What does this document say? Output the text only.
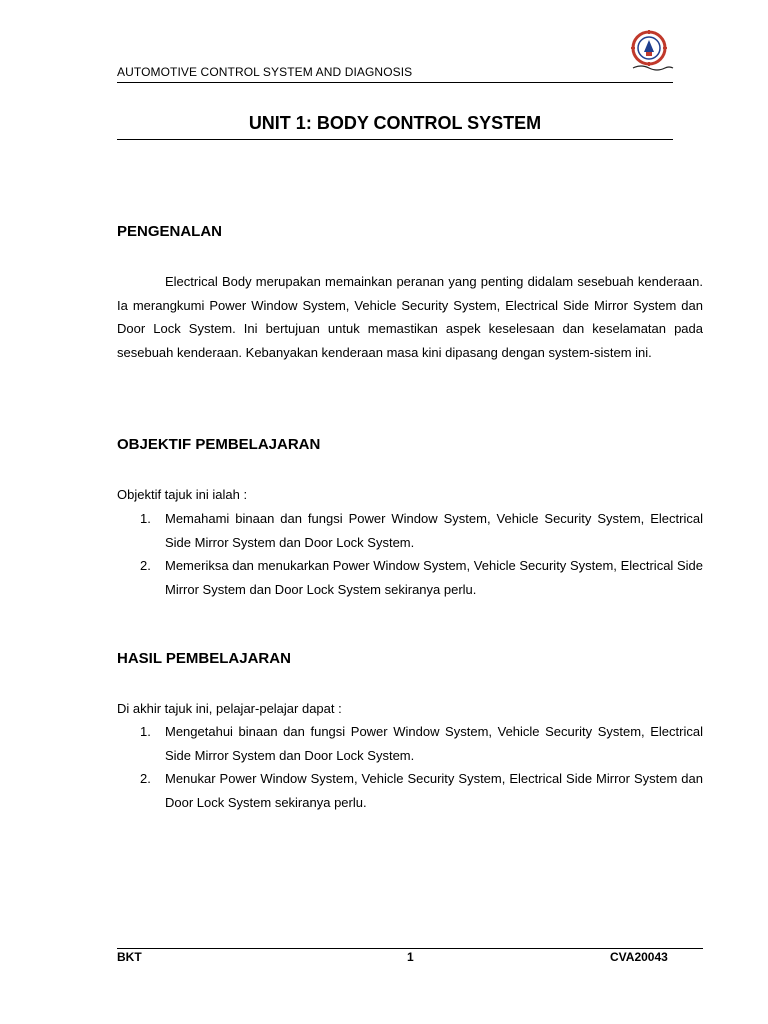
AUTOMOTIVE CONTROL SYSTEM AND DIAGNOSIS
UNIT 1: BODY CONTROL SYSTEM
PENGENALAN

Electrical Body merupakan memainkan peranan yang penting didalam sesebuah kenderaan. Ia merangkumi Power Window System, Vehicle Security System, Electrical Side Mirror System dan Door Lock System. Ini bertujuan untuk memastikan aspek keselesaan dan keselamatan pada sesebuah kenderaan. Kebanyakan kenderaan masa kini dipasang dengan system-sistem ini.

OBJEKTIF PEMBELAJARAN
Objektif tajuk ini ialah :
1. Memahami binaan dan fungsi Power Window System, Vehicle Security System, Electrical Side Mirror System dan Door Lock System.
2. Memeriksa dan menukarkan Power Window System, Vehicle Security System, Electrical Side Mirror System dan Door Lock System sekiranya perlu.
HASIL PEMBELAJARAN
Di akhir tajuk ini, pelajar-pelajar dapat :
1. Mengetahui binaan dan fungsi Power Window System, Vehicle Security System, Electrical Side Mirror System dan Door Lock System.
2. Menukar Power Window System, Vehicle Security System, Electrical Side Mirror System dan Door Lock System sekiranya perlu.
BKT	1	CVA20043
